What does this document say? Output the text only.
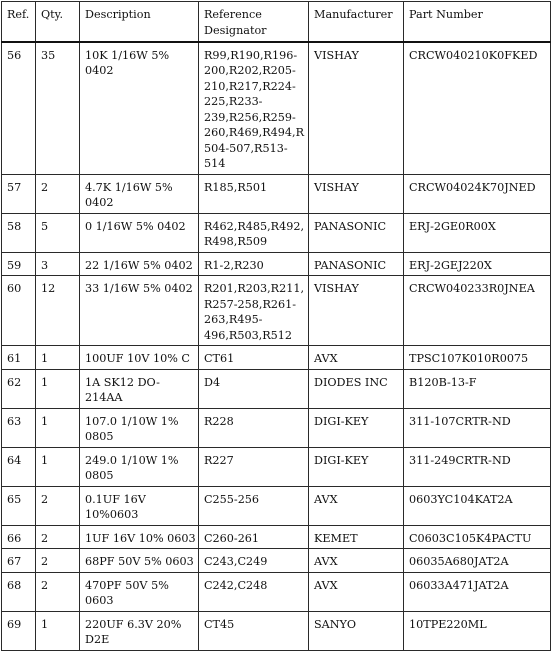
Ref.	Qty.	Description	Reference Designator	Manufacturer	Part Number
56	35	10K 1/16W 5% 0402	R99,R190,R196-200,R202,R205-210,R217,R224-225,R233-239,R256,R259-260,R469,R494,R504-507,R513-514	VISHAY	CRCW040210K0FKED
57	2	4.7K 1/16W 5% 0402	R185,R501	VISHAY	CRCW04024K70JNED
58	5	0 1/16W 5% 0402	R462,R485,R492,R498,R509	PANASONIC	ERJ-2GE0R00X
59	3	22 1/16W 5% 0402	R1-2,R230	PANASONIC	ERJ-2GEJ220X
60	12	33 1/16W 5% 0402	R201,R203,R211,R257-258,R261-263,R495-496,R503,R512	VISHAY	CRCW040233R0JNEA
61	1	100UF 10V 10% C	CT61	AVX	TPSC107K010R0075
62	1	1A SK12 DO-214AA	D4	DIODES INC	B120B-13-F
63	1	107.0 1/10W 1% 0805	R228	DIGI-KEY	311-107CRTR-ND
64	1	249.0 1/10W 1% 0805	R227	DIGI-KEY	311-249CRTR-ND
65	2	0.1UF 16V 10%0603	C255-256	AVX	0603YC104KAT2A
66	2	1UF 16V 10% 0603	C260-261	KEMET	C0603C105K4PACTU
67	2	68PF 50V 5% 0603	C243,C249	AVX	06035A680JAT2A
68	2	470PF 50V 5% 0603	C242,C248	AVX	06033A471JAT2A
69	1	220UF 6.3V 20% D2E	CT45	SANYO	10TPE220ML
